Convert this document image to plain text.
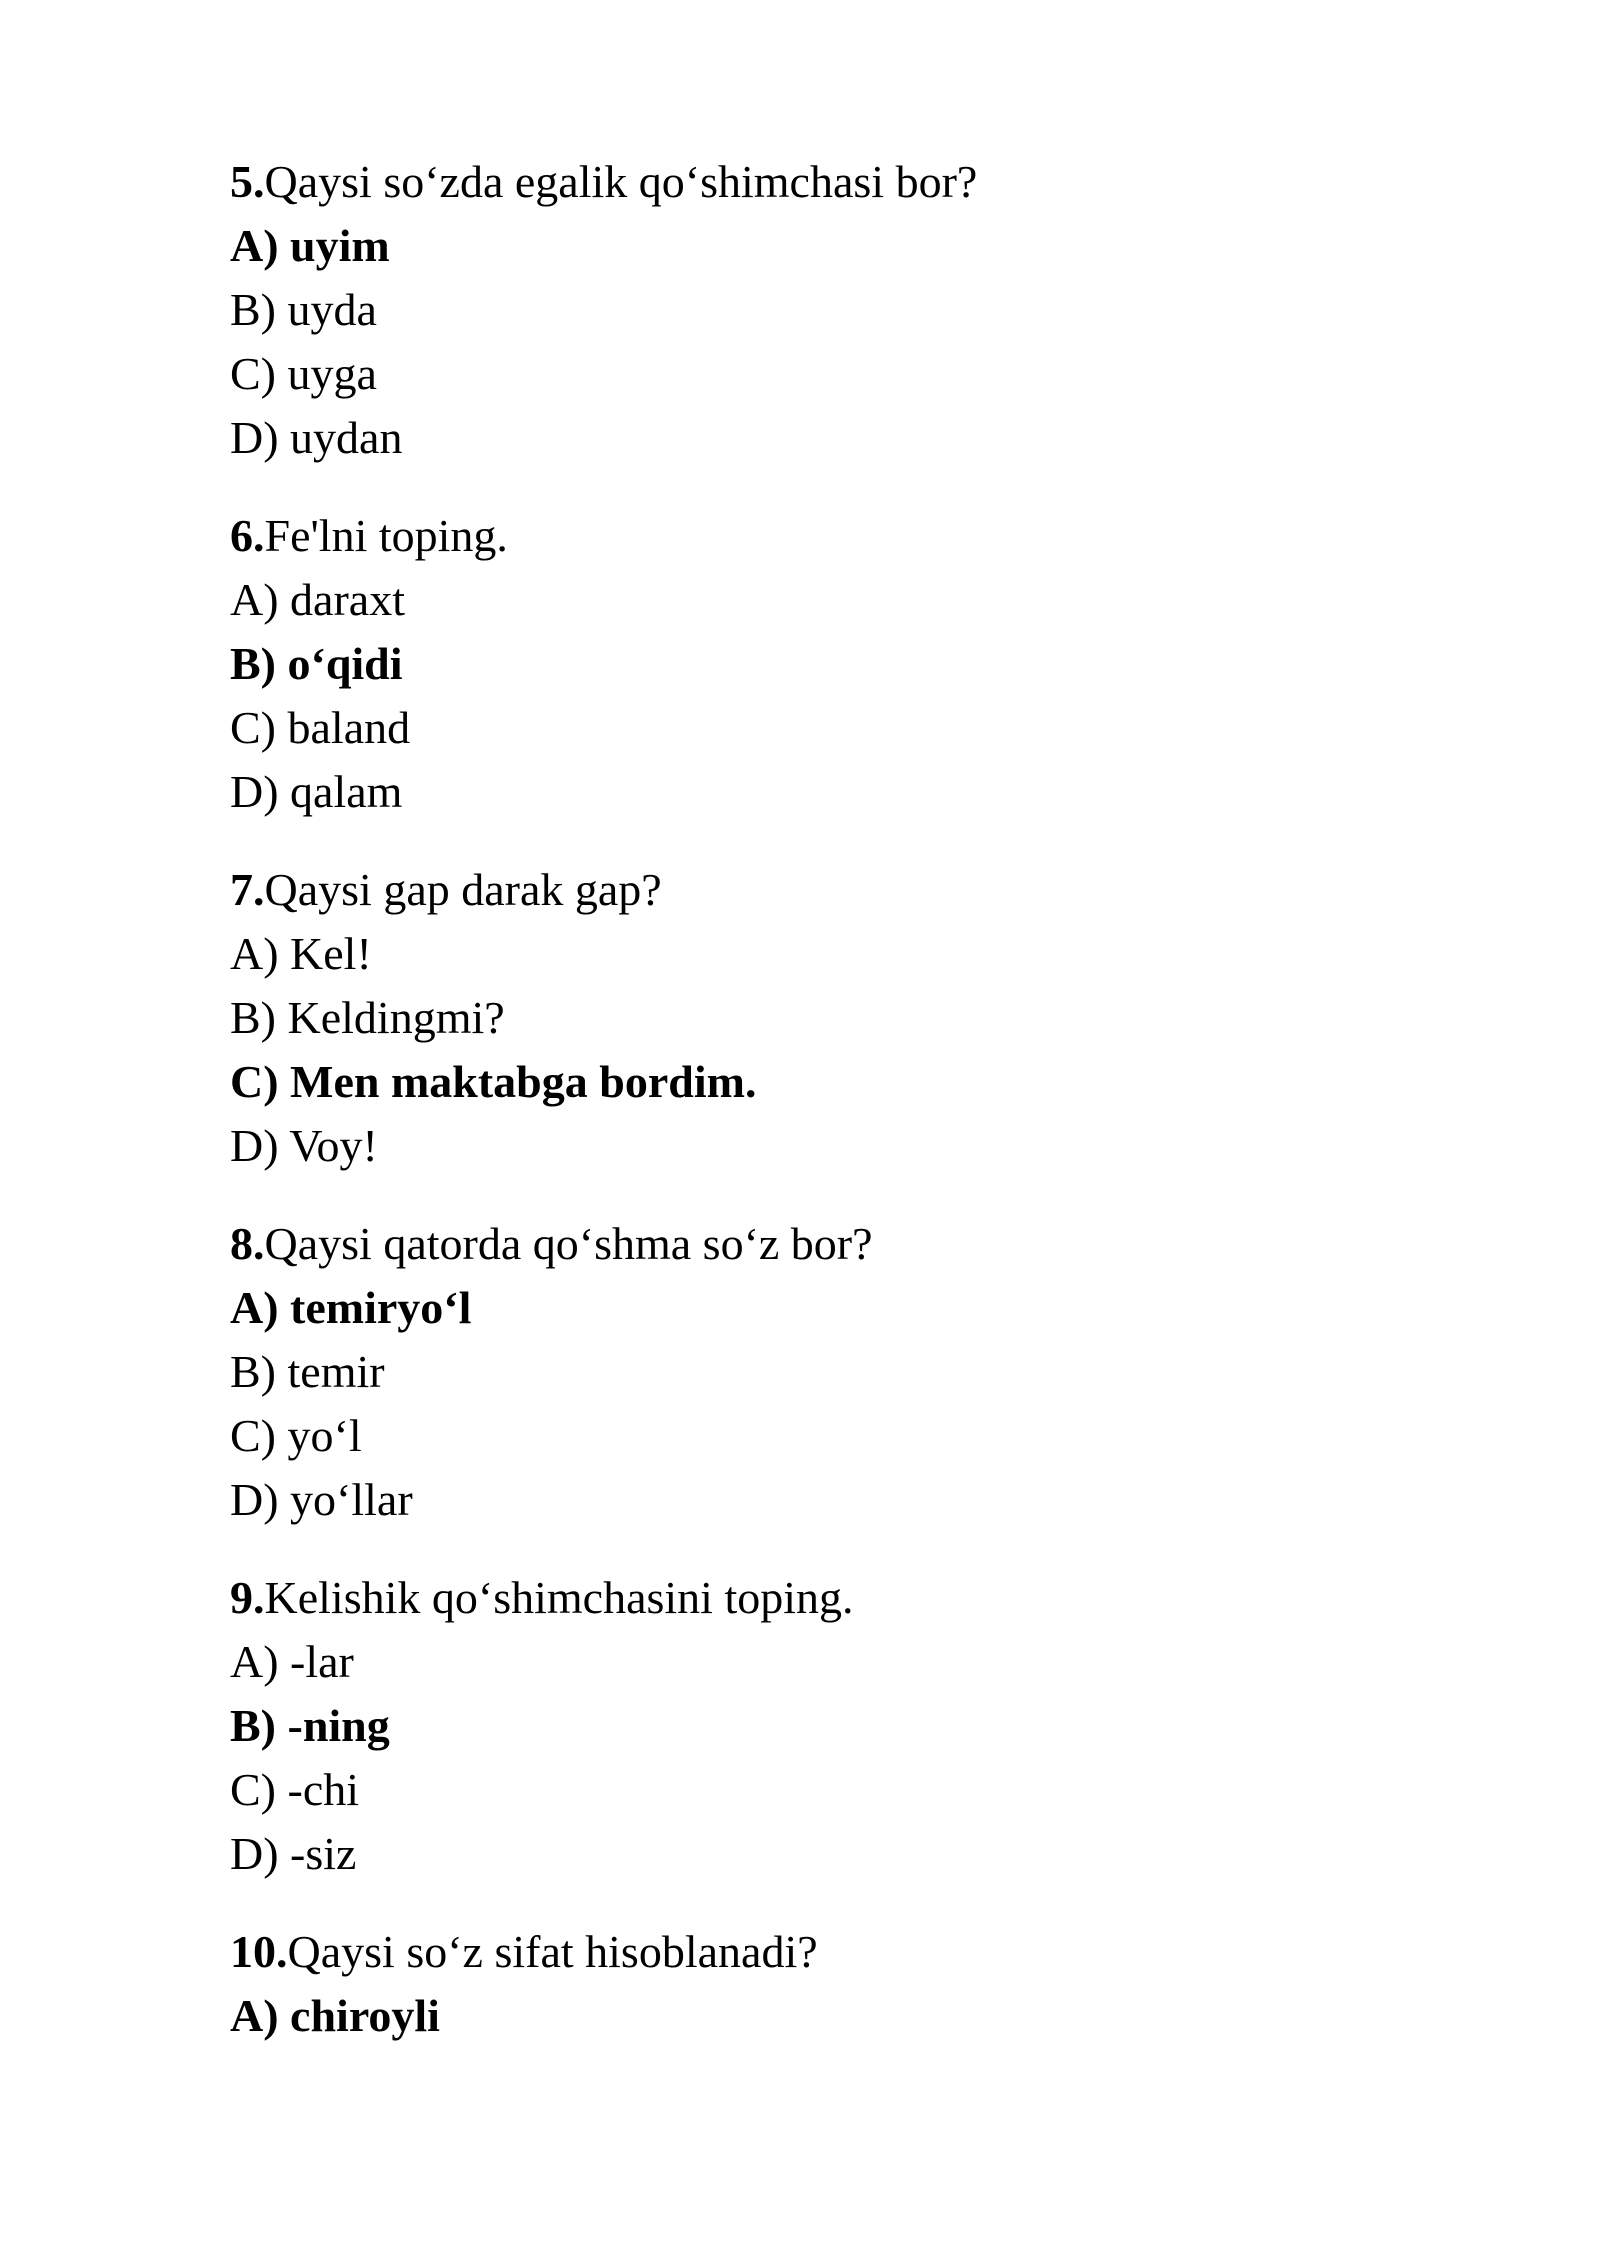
5.Qaysi so‘zda egalik qo‘shimchasi bor?
A) uyim
B) uyda
C) uyga
D) uydan
6.Fe'lni toping.
A) daraxt
B) o‘qidi
C) baland
D) qalam
7.Qaysi gap darak gap?
A) Kel!
B) Keldingmi?
C) Men maktabga bordim.
D) Voy!
8.Qaysi qatorda qo‘shma so‘z bor?
A) temiryo‘l
B) temir
C) yo‘l
D) yo‘llar
9.Kelishik qo‘shimchasini toping.
A) -lar
B) -ning
C) -chi
D) -siz
10.Qaysi so‘z sifat hisoblanadi?
A) chiroyli
